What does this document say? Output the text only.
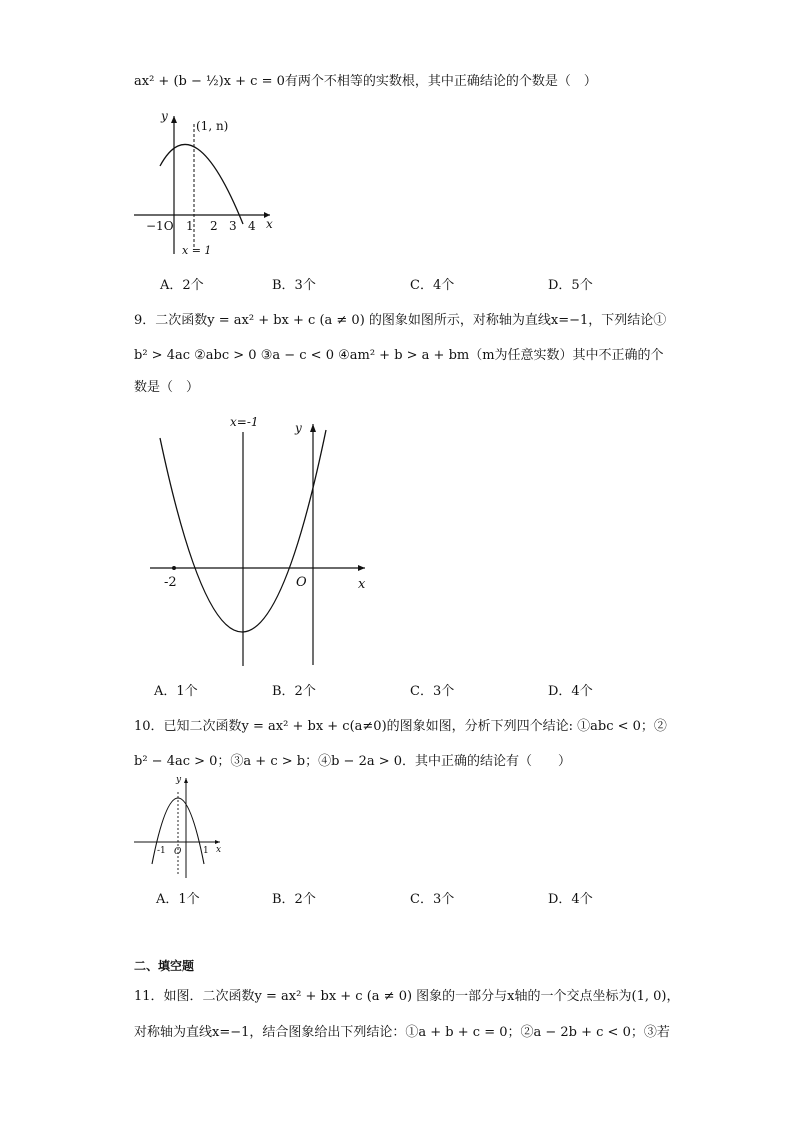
ax² + (b − ½)x + c = 0有两个不相等的实数根，其中正确结论的个数是（　）
y
x
(1, n)
−1O 1 2 3 4
x = 1
A．2个	B．3个	C．4个	D．5个
9．二次函数y = ax² + bx + c (a ≠ 0) 的图象如图所示，对称轴为直线x=−1，下列结论①
b² > 4ac ②abc > 0 ③a − c < 0 ④am² + b > a + bm（m为任意实数）其中不正确的个
数是（　）
x=-1	y
x
-2	O
A．1个	B．2个	C．3个	D．4个
10．已知二次函数y = ax² + bx + c(a≠0)的图象如图，分析下列四个结论: ①abc < 0；②
b² − 4ac > 0；③a + c > b；④b − 2a > 0．其中正确的结论有（　　）
y
x
-1 O 1
A．1个	B．2个	C．3个	D．4个
二、填空题
11．如图．二次函数y = ax² + bx + c (a ≠ 0) 图象的一部分与x轴的一个交点坐标为(1, 0)，
对称轴为直线x=−1，结合图象给出下列结论：①a + b + c = 0；②a − 2b + c < 0；③若
